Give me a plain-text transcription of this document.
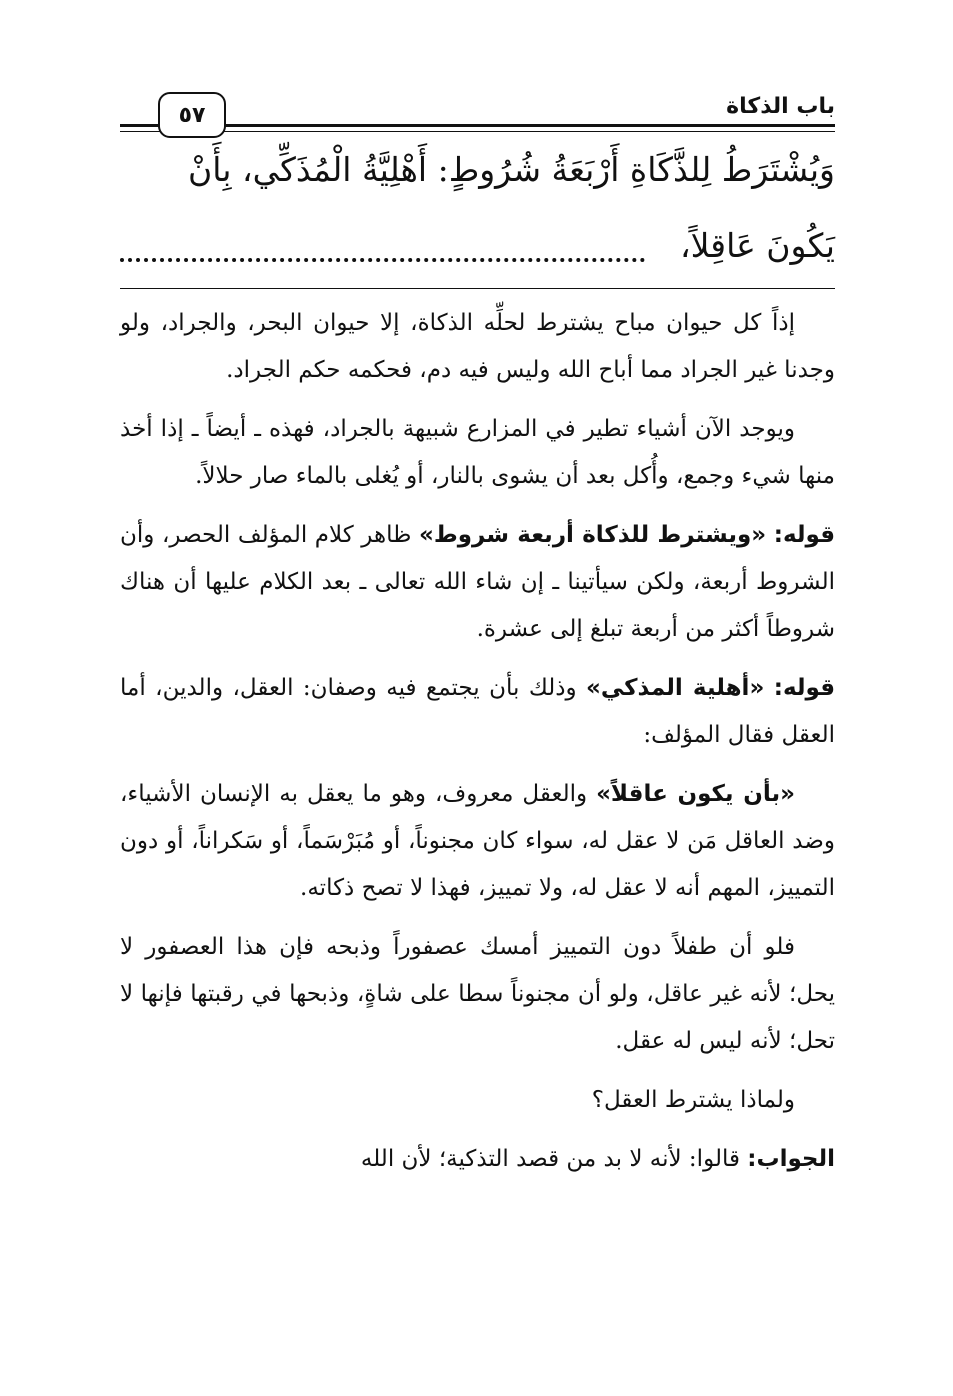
باب الذكاة
٥٧
وَيُشْتَرَطُ لِلذَّكَاةِ أَرْبَعَةُ شُرُوطٍ: أَهْلِيَّةُ الْمُذَكِّي، بِأَنْ
يَكُونَ عَاقِلاً،

إذاً كل حيوان مباح يشترط لحلِّه الذكاة، إلا حيوان البحر، والجراد، ولو وجدنا غير الجراد مما أباح الله وليس فيه دم، فحكمه حكم الجراد.

ويوجد الآن أشياء تطير في المزارع شبيهة بالجراد، فهذه ـ أيضاً ـ إذا أخذ منها شيء وجمع، وأُكل بعد أن يشوى بالنار، أو يُغلى بالماء صار حلالاً.

قوله: «ويشترط للذكاة أربعة شروط» ظاهر كلام المؤلف الحصر، وأن الشروط أربعة، ولكن سيأتينا ـ إن شاء الله تعالى ـ بعد الكلام عليها أن هناك شروطاً أكثر من أربعة تبلغ إلى عشرة.

قوله: «أهلية المذكي» وذلك بأن يجتمع فيه وصفان: العقل، والدين، أما العقل فقال المؤلف:

«بأن يكون عاقلاً» والعقل معروف، وهو ما يعقل به الإنسان الأشياء، وضد العاقل مَن لا عقل له، سواء كان مجنوناً، أو مُبَرْسَماً، أو سَكراناً، أو دون التمييز، المهم أنه لا عقل له، ولا تمييز، فهذا لا تصح ذكاته.

فلو أن طفلاً دون التمييز أمسك عصفوراً وذبحه فإن هذا العصفور لا يحل؛ لأنه غير عاقل، ولو أن مجنوناً سطا على شاةٍ، وذبحها في رقبتها فإنها لا تحل؛ لأنه ليس له عقل.

ولماذا يشترط العقل؟

الجواب: قالوا: لأنه لا بد من قصد التذكية؛ لأن الله
